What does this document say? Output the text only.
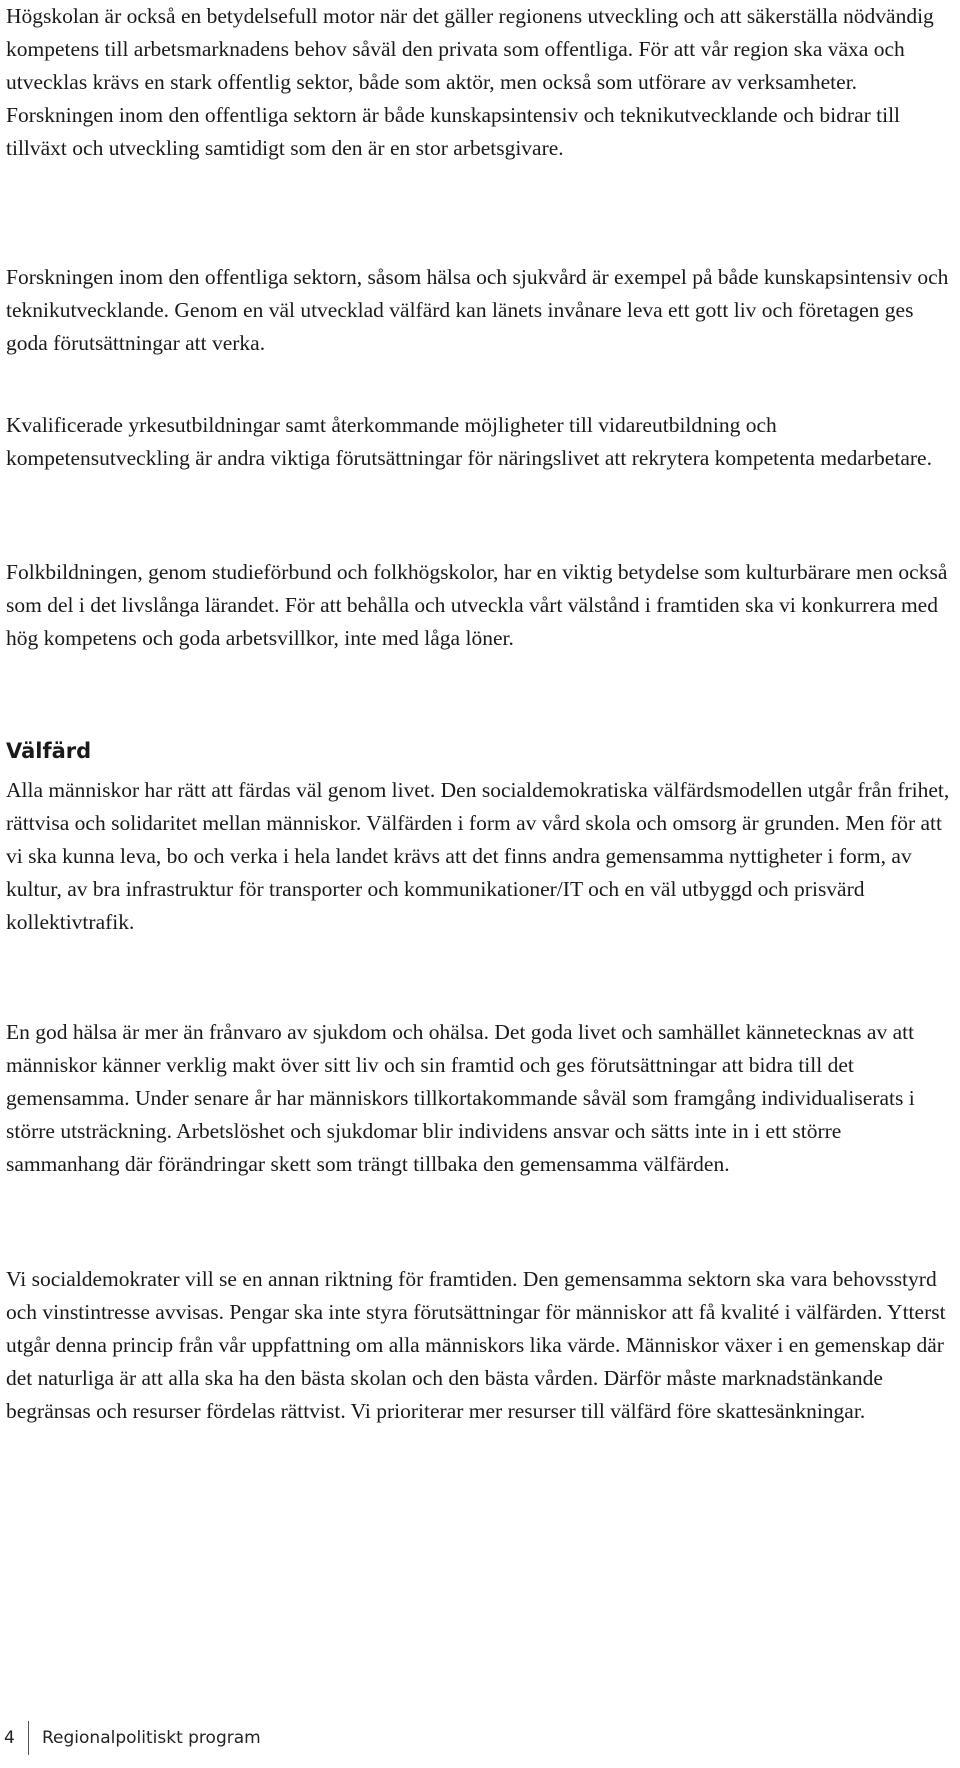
Högskolan är också en betydelsefull motor när det gäller regionens utveckling och att säkerställa nödvändig kompetens till arbetsmarknadens behov såväl den privata som offentliga. För att vår region ska växa och utvecklas krävs en stark offentlig sektor, både som aktör, men också som utförare av verksamheter. Forskningen inom den offentliga sektorn är både kunskapsintensiv och teknikutvecklande och bidrar till tillväxt och utveckling samtidigt som den är en stor arbetsgivare.

Forskningen inom den offentliga sektorn, såsom hälsa och sjukvård är exempel på både kunskapsintensiv och teknikutvecklande. Genom en väl utvecklad välfärd kan länets invånare leva ett gott liv och företagen ges goda förutsättningar att verka.

Kvalificerade yrkesutbildningar samt återkommande möjligheter till vidareutbildning och kompetensutveckling är andra viktiga förutsättningar för näringslivet att rekrytera kompetenta medarbetare.

Folkbildningen, genom studieförbund och folkhögskolor, har en viktig betydelse som kulturbärare men också som del i det livslånga lärandet. För att behålla och utveckla vårt välstånd i framtiden ska vi konkurrera med hög kompetens och goda arbetsvillkor, inte med låga löner.

Välfärd

Alla människor har rätt att färdas väl genom livet. Den socialdemokratiska välfärdsmodellen utgår från frihet, rättvisa och solidaritet mellan människor. Välfärden i form av vård skola och omsorg är grunden. Men för att vi ska kunna leva, bo och verka i hela landet krävs att det finns andra gemensamma nyttigheter i form, av kultur, av bra infrastruktur för transporter och kommunikationer/IT och en väl utbyggd och prisvärd kollektivtrafik.

En god hälsa är mer än frånvaro av sjukdom och ohälsa. Det goda livet och samhället kännetecknas av att människor känner verklig makt över sitt liv och sin framtid och ges förutsättningar att bidra till det gemensamma. Under senare år har människors tillkortakommande såväl som framgång individualiserats i större utsträckning. Arbetslöshet och sjukdomar blir individens ansvar och sätts inte in i ett större sammanhang där förändringar skett som trängt tillbaka den gemensamma välfärden.

Vi socialdemokrater vill se en annan riktning för framtiden. Den gemensamma sektorn ska vara behovsstyrd och vinstintresse avvisas. Pengar ska inte styra förutsättningar för människor att få kvalité i välfärden. Ytterst utgår denna princip från vår uppfattning om alla människors lika värde. Människor växer i en gemenskap där det naturliga är att alla ska ha den bästa skolan och den bästa vården. Därför måste marknadstänkande begränsas och resurser fördelas rättvist. Vi prioriterar mer resurser till välfärd före skattesänkningar.

4	Regionalpolitiskt program
